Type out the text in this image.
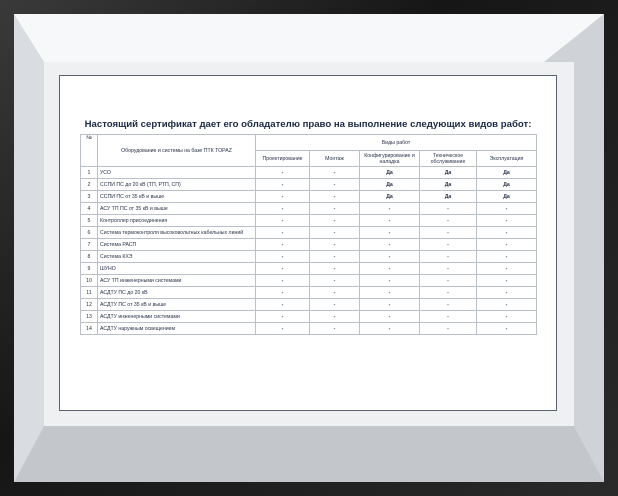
Настоящий сертификат дает его обладателю право на выполнение следующих видов работ:
№	Оборудование и системы на базе ПТК TOPAZ	Виды работ				
		Проектирование	Монтаж	Конфигурирование и наладка	Техническое обслуживание	Эксплуатация
1	УСО	-	-	Да	Да	Да
2	ССПИ ПС до 20 кВ (ТП, РТП, СП)	-	-	Да	Да	Да
3	ССПИ ПС от 35 кВ и выше	-	-	Да	Да	Да
4	АСУ ТП ПС от 35 кВ и выше	-	-	-	-	-
5	Контроллер присоединения	-	-	-	-	-
6	Система термоконтроля высоковольтных кабельных линий	-	-	-	-	-
7	Система РАСП	-	-	-	-	-
8	Система КХЭ	-	-	-	-	-
9	ШУНО	-	-	-	-	-
10	АСУ ТП инженерными системами	-	-	-	-	-
11	АСДТУ ПС до 20 кВ	-	-	-	-	-
12	АСДТУ ПС от 35 кВ и выше	-	-	-	-	-
13	АСДТУ инженерными системами	-	-	-	-	-
14	АСДТУ наружным освещением	-	-	-	-	-
